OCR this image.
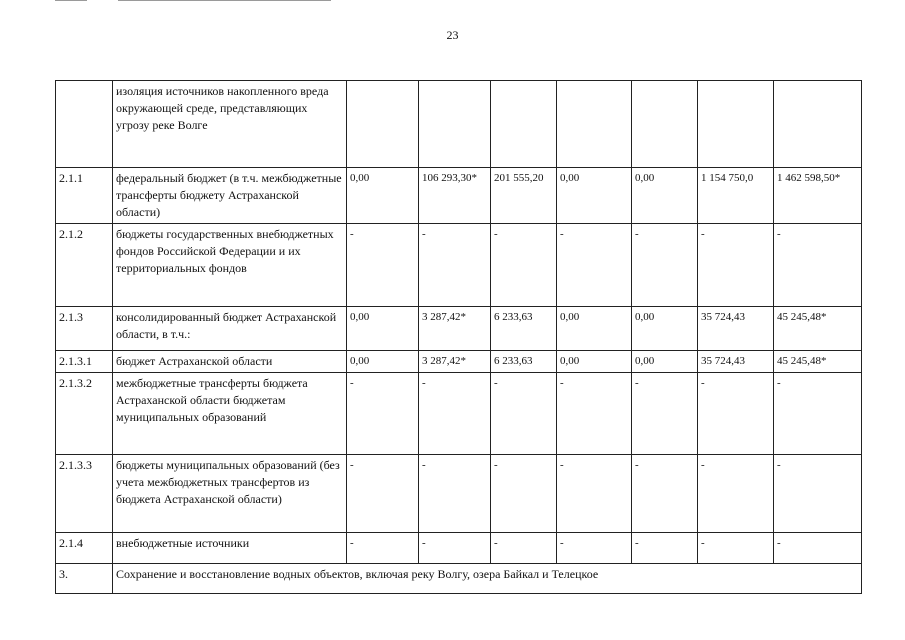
23
	изоляция источников накопленного вреда окружающей среде, представляющих угрозу реке Волге							
2.1.1	федеральный бюджет (в т.ч. межбюджетные трансферты бюджету Астраханской области)	0,00	106 293,30*	201 555,20	0,00	0,00	1 154 750,0	1 462 598,50*
2.1.2	бюджеты государственных внебюджетных фондов Российской Федерации и их территориальных фондов	-	-	-	-	-	-	-
2.1.3	консолидированный бюджет Астраханской области, в т.ч.:	0,00	3 287,42*	6 233,63	0,00	0,00	35 724,43	45 245,48*
2.1.3.1	бюджет Астраханской области	0,00	3 287,42*	6 233,63	0,00	0,00	35 724,43	45 245,48*
2.1.3.2	межбюджетные трансферты бюджета Астраханской области бюджетам муниципальных образований	-	-	-	-	-	-	-
2.1.3.3	бюджеты муниципальных образований (без учета межбюджетных трансфертов из бюджета Астраханской области)	-	-	-	-	-	-	-
2.1.4	внебюджетные источники	-	-	-	-	-	-	-
3.	Сохранение и восстановление водных объектов, включая реку Волгу, озера Байкал и Телецкое							
